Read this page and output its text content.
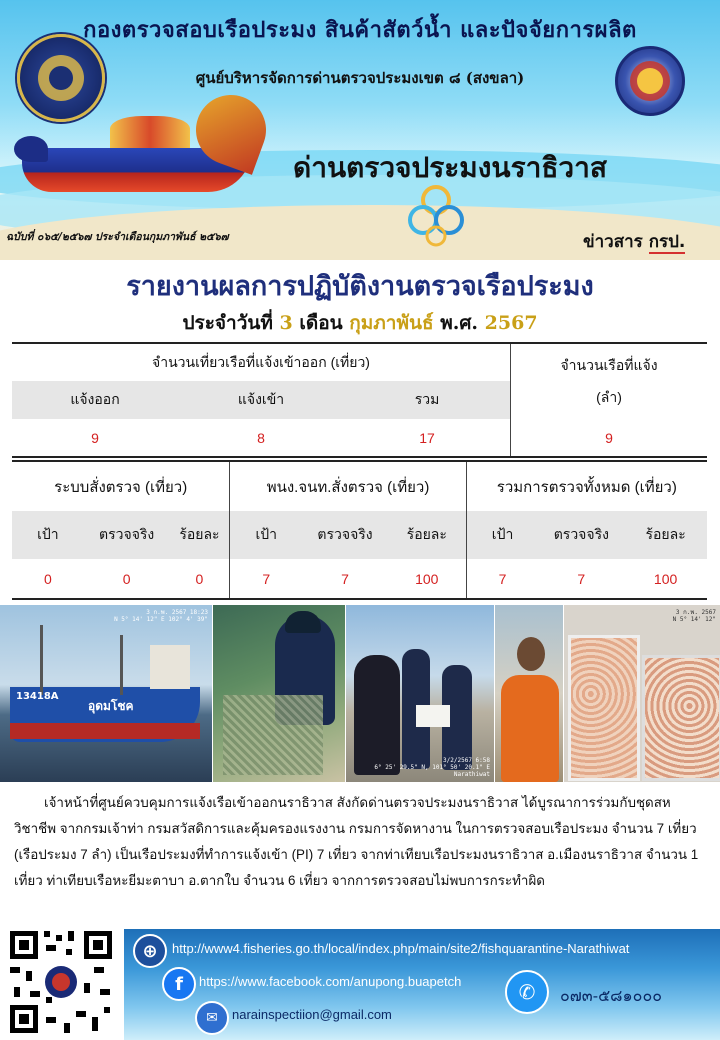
กองตรวจสอบเรือประมง สินค้าสัตว์น้ำ และปัจจัยการผลิต
ศูนย์บริหารจัดการด่านตรวจประมงเขต ๘ (สงขลา)
ด่านตรวจประมงนราธิวาส
ฉบับที่ ๐๖๕/๒๕๖๗ ประจำเดือนกุมภาพันธ์ ๒๕๖๗	ข่าวสาร กรป.
รายงานผลการปฏิบัติงานตรวจเรือประมง
ประจำวันที่ 3 เดือน กุมภาพันธ์ พ.ศ. 2567
จำนวนเที่ยวเรือที่แจ้งเข้าออก (เที่ยว)			จำนวนเรือที่แจ้ง
(ลำ)

แจ้งออก	แจ้งเข้า	รวม	
9	8	17	9
ระบบสั่งตรวจ (เที่ยว)			พนง.จนท.สั่งตรวจ (เที่ยว)			รวมการตรวจทั้งหมด (เที่ยว)		
เป้า	ตรวจจริง	ร้อยละ	เป้า	ตรวจจริง	ร้อยละ	เป้า	ตรวจจริง	ร้อยละ
0	0	0	7	7	100	7	7	100
13418A
อุดมโชค
3 ก.พ. 2567 18:23
N 5° 14' 12" E 102° 4' 39"
3/2/2567 6:58
6° 25' 29.5" N, 101° 50' 20.1" E
Narathiwat
3 ก.พ. 2567
N 5° 14' 12"
เจ้าหน้าที่ศูนย์ควบคุมการแจ้งเรือเข้าออกนราธิวาส สังกัดด่านตรวจประมงนราธิวาส ได้บูรณาการร่วมกับชุดสหวิชาชีพ จากกรมเจ้าท่า กรมสวัสดิการและคุ้มครองแรงงาน กรมการจัดหางาน ในการตรวจสอบเรือประมง จำนวน 7 เที่ยว (เรือประมง 7 ลำ) เป็นเรือประมงที่ทำการแจ้งเข้า (PI) 7 เที่ยว จากท่าเทียบเรือประมงนราธิวาส อ.เมืองนราธิวาส จำนวน 1 เที่ยว ท่าเทียบเรือหะยีมะตาบา อ.ตากใบ จำนวน 6 เที่ยว จากการตรวจสอบไม่พบการกระทำผิด
⊕	http://www4.fisheries.go.th/local/index.php/main/site2/fishquarantine-Narathiwat
f	https://www.facebook.com/anupong.buapetch
✉	narainspectiion@gmail.com
✆	๐๗๓-๕๘๑๐๐๐
